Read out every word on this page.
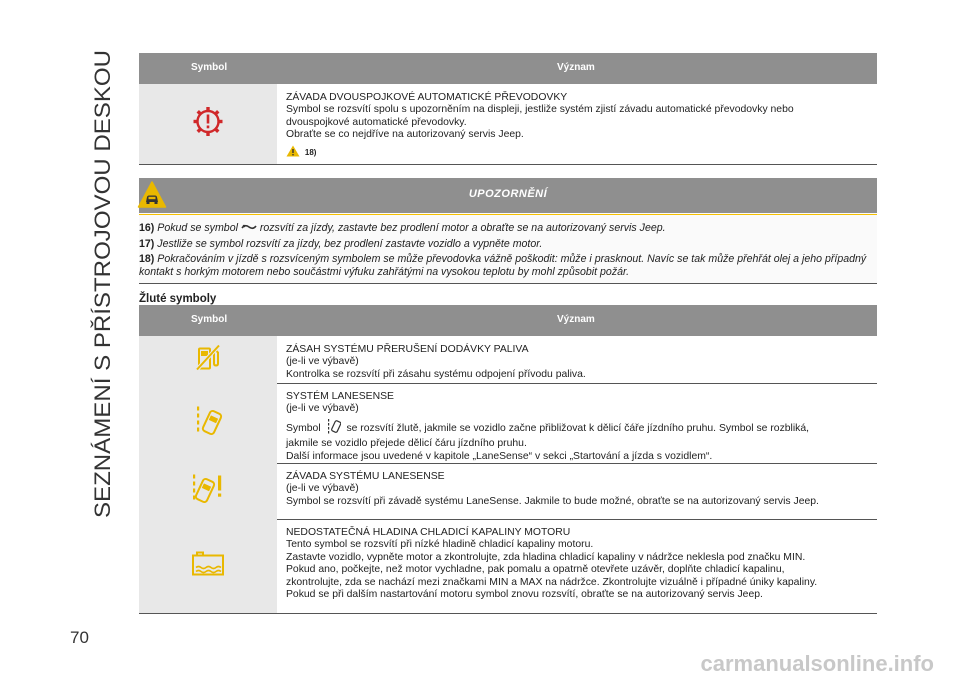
SEZNÁMENÍ S PŘÍSTROJOVOU DESKOU
Symbol	Význam
ZÁVADA DVOUSPOJKOVÉ AUTOMATICKÉ PŘEVODOVKY
Symbol se rozsvítí spolu s upozorněním na displeji, jestliže systém zjistí závadu automatické převodovky nebo
dvouspojkové automatické převodovky.
Obraťte se co nejdříve na autorizovaný servis Jeep.
18)
UPOZORNĚNÍ

16) Pokud se symbol rozsvítí za jízdy, zastavte bez prodlení motor a obraťte se na autorizovaný servis Jeep.

17) Jestliže se symbol rozsvítí za jízdy, bez prodlení zastavte vozidlo a vypněte motor.

18) Pokračováním v jízdě s rozsvíceným symbolem se může převodovka vážně poškodit: může i prasknout. Navíc se tak může přehřát olej a jeho případný kontakt s horkým motorem nebo součástmi výfuku zahřátými na vysokou teplotu by mohl způsobit požár.

Žluté symboly
Symbol	Význam
ZÁSAH SYSTÉMU PŘERUŠENÍ DODÁVKY PALIVA
(je-li ve výbavě)
Kontrolka se rozsvítí při zásahu systému odpojení přívodu paliva.
SYSTÉM LANESENSE
(je-li ve výbavě)
Symbol se rozsvítí žlutě, jakmile se vozidlo začne přibližovat k dělicí čáře jízdního pruhu. Symbol se rozbliká,
jakmile se vozidlo přejede dělicí čáru jízdního pruhu.
Další informace jsou uvedené v kapitole „LaneSense“ v sekci „Startování a jízda s vozidlem“.
ZÁVADA SYSTÉMU LANESENSE
(je-li ve výbavě)
Symbol se rozsvítí při závadě systému LaneSense. Jakmile to bude možné, obraťte se na autorizovaný servis Jeep.
NEDOSTATEČNÁ HLADINA CHLADICÍ KAPALINY MOTORU
Tento symbol se rozsvítí při nízké hladině chladicí kapaliny motoru.
Zastavte vozidlo, vypněte motor a zkontrolujte, zda hladina chladicí kapaliny v nádržce neklesla pod značku MIN.
Pokud ano, počkejte, než motor vychladne, pak pomalu a opatrně otevřete uzávěr, doplňte chladicí kapalinu,
zkontrolujte, zda se nachází mezi značkami MIN a MAX na nádržce. Zkontrolujte vizuálně i případné úniky kapaliny.
Pokud se při dalším nastartování motoru symbol znovu rozsvítí, obraťte se na autorizovaný servis Jeep.
70
carmanualsonline.info
